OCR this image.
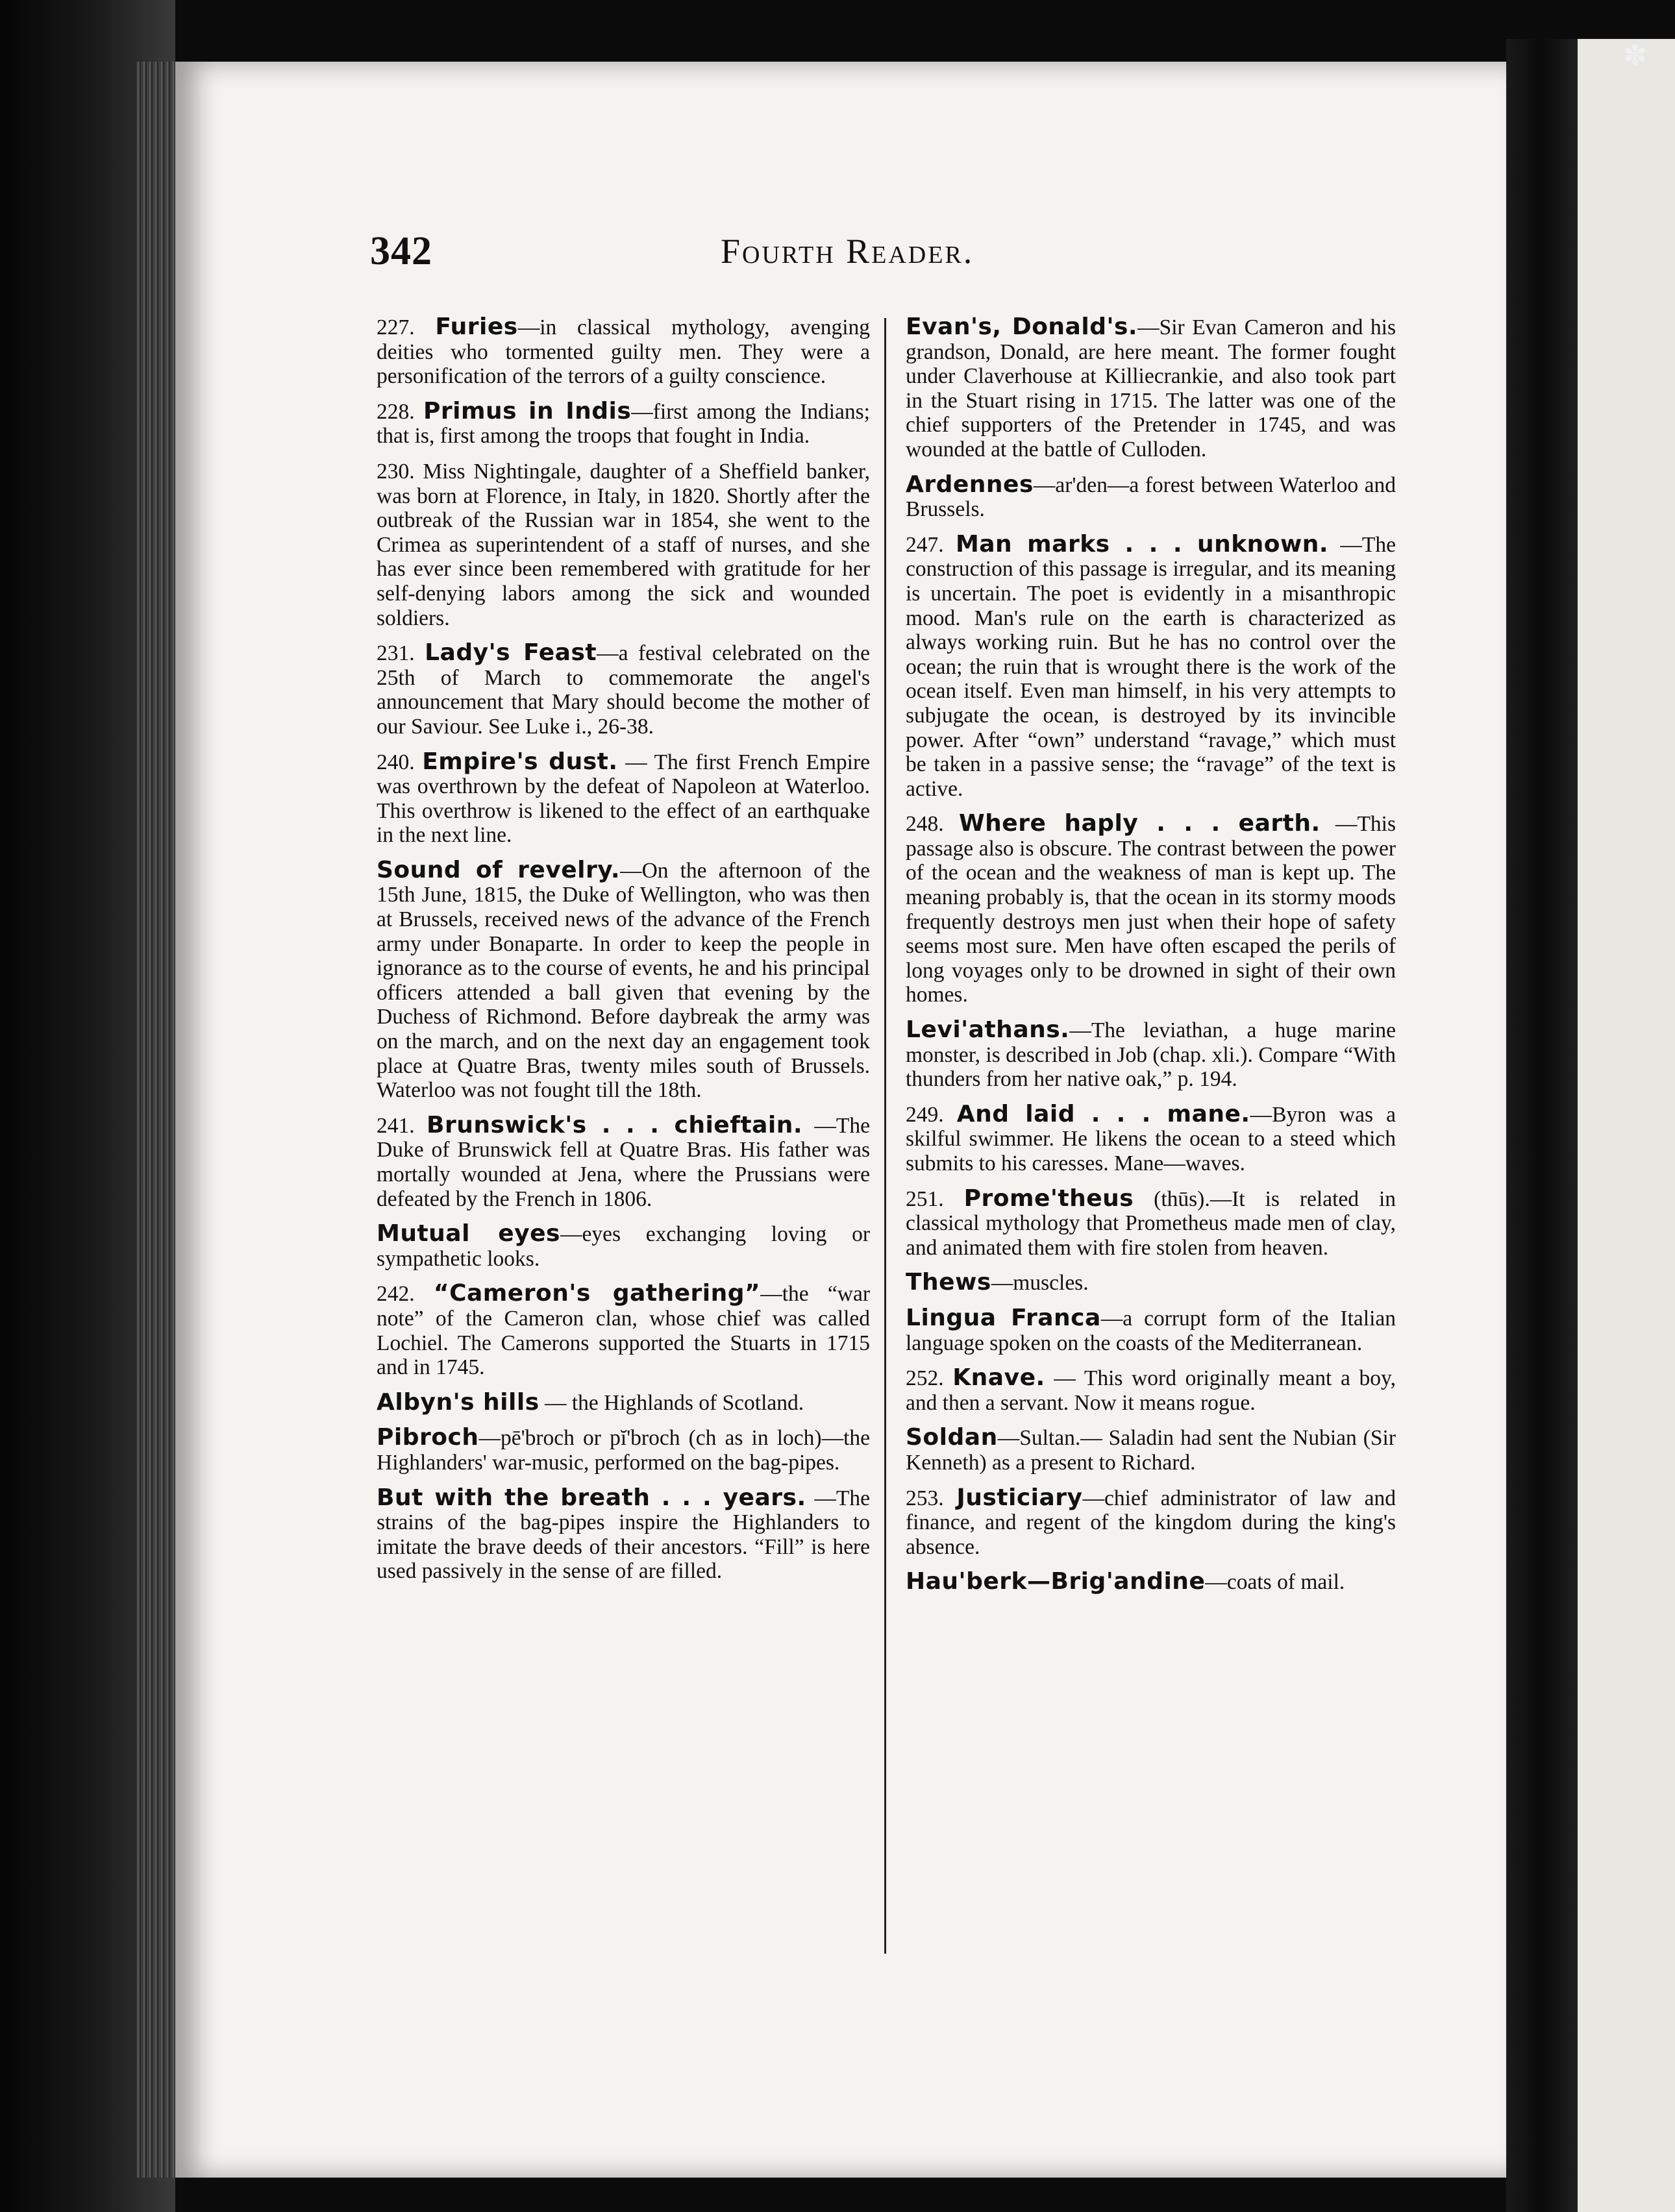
✽
342	Fourth Reader.

227. Furies—in classical mythology, avenging deities who tormented guilty men. They were a personification of the terrors of a guilty conscience.

228. Primus in Indis—first among the Indians; that is, first among the troops that fought in India.

230. Miss Nightingale, daughter of a Sheffield banker, was born at Florence, in Italy, in 1820. Shortly after the outbreak of the Russian war in 1854, she went to the Crimea as superintendent of a staff of nurses, and she has ever since been remembered with gratitude for her self-denying labors among the sick and wounded soldiers.

231. Lady's Feast—a festival celebrated on the 25th of March to commemorate the angel's announcement that Mary should become the mother of our Saviour. See Luke i., 26-38.

240. Empire's dust. — The first French Empire was overthrown by the defeat of Napoleon at Waterloo. This overthrow is likened to the effect of an earthquake in the next line.

Sound of revelry.—On the afternoon of the 15th June, 1815, the Duke of Wellington, who was then at Brussels, received news of the advance of the French army under Bonaparte. In order to keep the people in ignorance as to the course of events, he and his principal officers attended a ball given that evening by the Duchess of Richmond. Before daybreak the army was on the march, and on the next day an engagement took place at Quatre Bras, twenty miles south of Brussels. Waterloo was not fought till the 18th.

241. Brunswick's . . . chieftain. —The Duke of Brunswick fell at Quatre Bras. His father was mortally wounded at Jena, where the Prussians were defeated by the French in 1806.

Mutual eyes—eyes exchanging loving or sympathetic looks.

242. “Cameron's gathering”—the “war note” of the Cameron clan, whose chief was called Lochiel. The Camerons supported the Stuarts in 1715 and in 1745.

Albyn's hills — the Highlands of Scotland.

Pibroch—pē'broch or pĭ'broch (ch as in loch)—the Highlanders' war-music, performed on the bag-pipes.

But with the breath . . . years. —The strains of the bag-pipes inspire the Highlanders to imitate the brave deeds of their ancestors. “Fill” is here used passively in the sense of are filled.

Evan's, Donald's.—Sir Evan Cameron and his grandson, Donald, are here meant. The former fought under Claverhouse at Killiecrankie, and also took part in the Stuart rising in 1715. The latter was one of the chief supporters of the Pretender in 1745, and was wounded at the battle of Culloden.

Ardennes—ar'den—a forest between Waterloo and Brussels.

247. Man marks . . . unknown. —The construction of this passage is irregular, and its meaning is uncertain. The poet is evidently in a misanthropic mood. Man's rule on the earth is characterized as always working ruin. But he has no control over the ocean; the ruin that is wrought there is the work of the ocean itself. Even man himself, in his very attempts to subjugate the ocean, is destroyed by its invincible power. After “own” understand “ravage,” which must be taken in a passive sense; the “ravage” of the text is active.

248. Where haply . . . earth. —This passage also is obscure. The contrast between the power of the ocean and the weakness of man is kept up. The meaning probably is, that the ocean in its stormy moods frequently destroys men just when their hope of safety seems most sure. Men have often escaped the perils of long voyages only to be drowned in sight of their own homes.

Levi'athans.—The leviathan, a huge marine monster, is described in Job (chap. xli.). Compare “With thunders from her native oak,” p. 194.

249. And laid . . . mane.—Byron was a skilful swimmer. He likens the ocean to a steed which submits to his caresses. Mane—waves.

251. Prome'theus (thūs).—It is related in classical mythology that Prometheus made men of clay, and animated them with fire stolen from heaven.

Thews—muscles.

Lingua Franca—a corrupt form of the Italian language spoken on the coasts of the Mediterranean.

252. Knave. — This word originally meant a boy, and then a servant. Now it means rogue.

Soldan—Sultan.— Saladin had sent the Nubian (Sir Kenneth) as a present to Richard.

253. Justiciary—chief administrator of law and finance, and regent of the kingdom during the king's absence.

Hau'berk—Brig'andine—coats of mail.
